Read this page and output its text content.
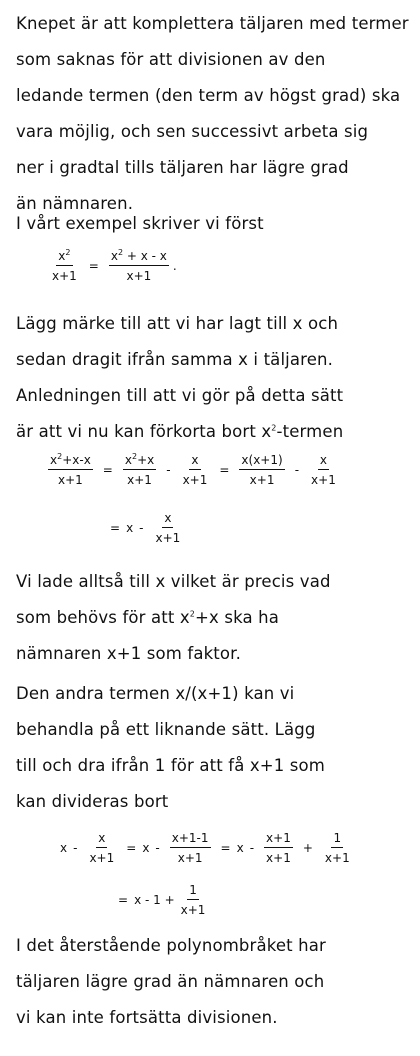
Knepet är att komplettera täljaren med termer
som saknas för att divisionen av den
ledande termen (den term av högst grad) ska
vara möjlig, och sen successivt arbeta sig
ner i gradtal tills täljaren har lägre grad
än nämnaren.
I vårt exempel skriver vi först
$\frac{x^2}{x+1} = \frac{x^2 + x - x}{x+1}$ .
Lägg märke till att vi har lagt till x och
sedan dragit ifrån samma x i täljaren.
Anledningen till att vi gör på detta sätt
är att vi nu kan förkorta bort $x^2$-termen
$\frac{x^2+x-x}{x+1} = \frac{x^2+x}{x+1} - \frac{x}{x+1} = \frac{x(x+1)}{x+1} - \frac{x}{x+1}$
= x - $\frac{x}{x+1}$
Vi lade alltså till x vilket är precis vad
som behövs för att $x^2+x$ ska ha
nämnaren x+1 som faktor.
Den andra termen x/(x+1) kan vi
behandla på ett liknande sätt. Lägg
till och dra ifrån 1 för att få x+1 som
kan divideras bort
$x - \frac{x}{x+1} = x - \frac{x+1-1}{x+1} = x - \frac{x+1}{x+1} + \frac{1}{x+1}$
= $x - 1 + \frac{1}{x+1}$
I det återstående polynombråket har
täljaren lägre grad än nämnaren och
vi kan inte fortsätta divisionen.
